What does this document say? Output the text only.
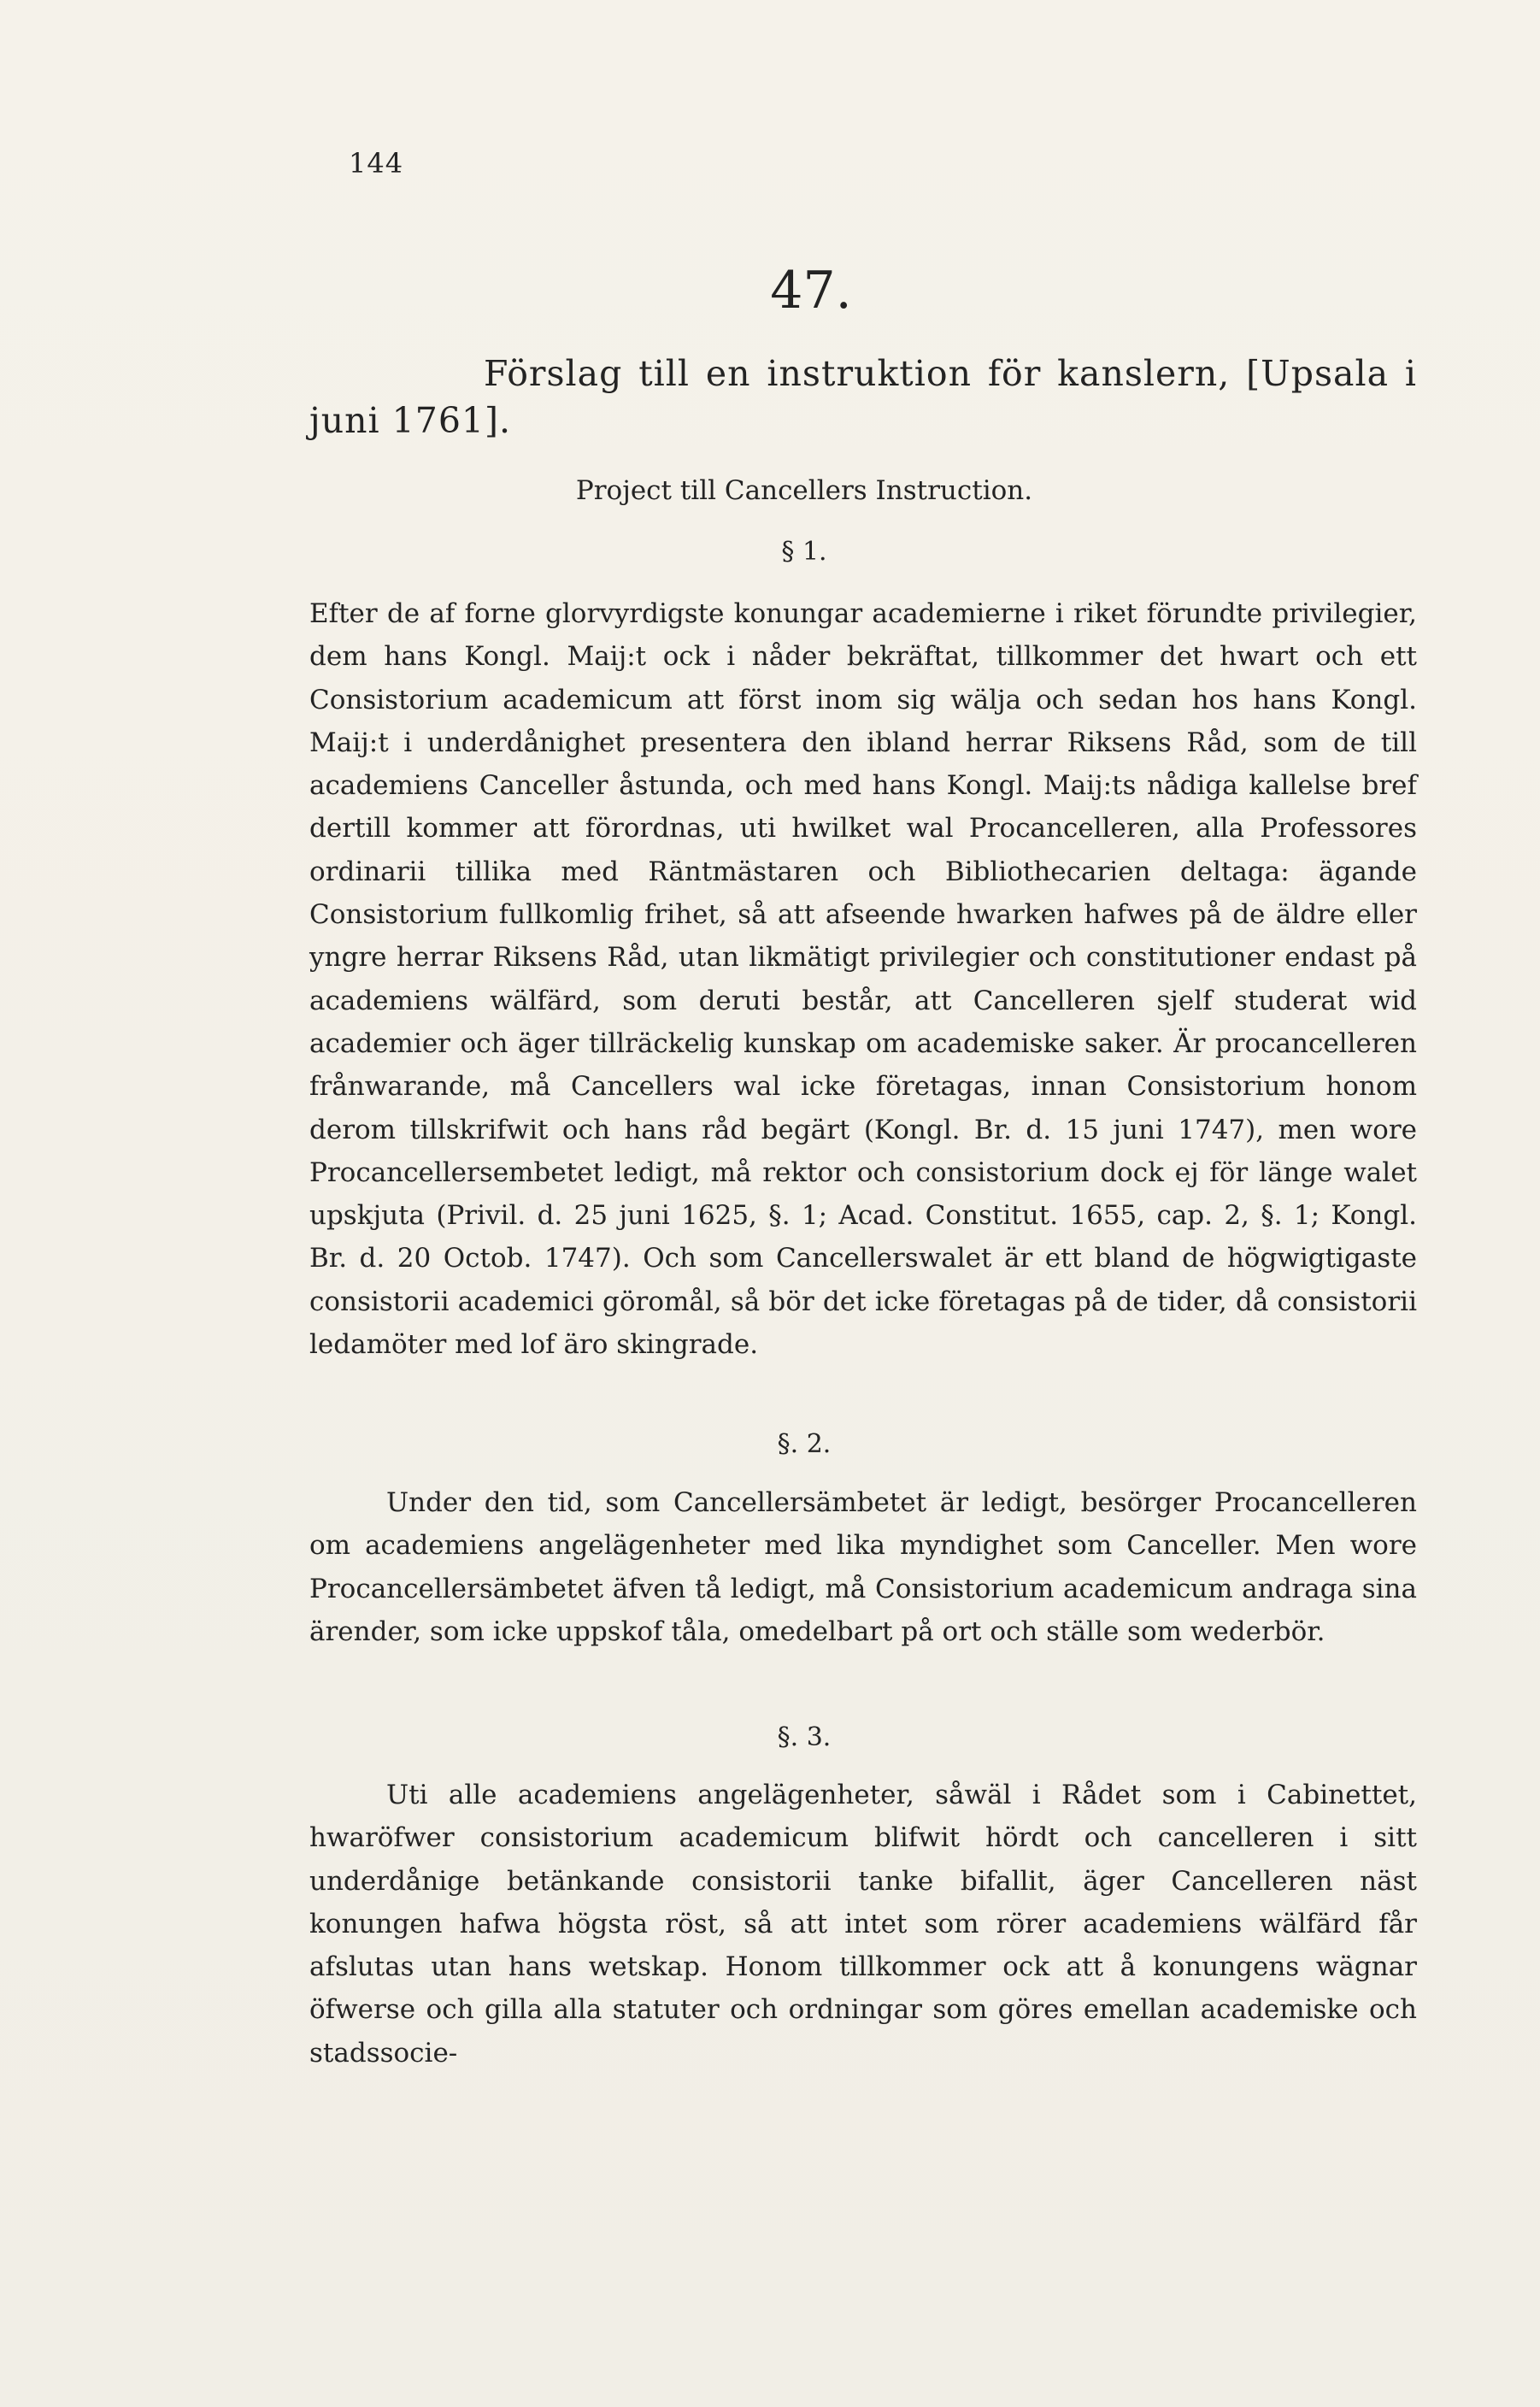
144
47.
Förslag till en instruktion för kanslern, [Upsala i juni 1761].
Project till Cancellers Instruction.
§ 1.
Efter de af forne glorvyrdigste konungar academierne i riket förundte privilegier, dem hans Kongl. Maij:t ock i nåder bekräftat, tillkommer det hwart och ett Consistorium academicum att först inom sig wälja och sedan hos hans Kongl. Maij:t i underdånighet presentera den ibland herrar Riksens Råd, som de till academiens Canceller åstunda, och med hans Kongl. Maij:ts nådiga kallelse bref dertill kommer att förordnas, uti hwilket wal Procancelleren, alla Professores ordinarii tillika med Räntmästaren och Bibliothecarien deltaga: ägande Consistorium fullkomlig frihet, så att afseende hwarken hafwes på de äldre eller yngre herrar Riksens Råd, utan likmätigt privilegier och constitutioner endast på academiens wälfärd, som deruti består, att Cancelleren sjelf studerat wid academier och äger tillräckelig kunskap om academiske saker. Är procancelleren frånwarande, må Cancellers wal icke företagas, innan Consistorium honom derom tillskrifwit och hans råd begärt (Kongl. Br. d. 15 juni 1747), men wore Procancellersembetet ledigt, må rektor och consistorium dock ej för länge walet upskjuta (Privil. d. 25 juni 1625, §. 1; Acad. Constitut. 1655, cap. 2, §. 1; Kongl. Br. d. 20 Octob. 1747). Och som Cancellerswalet är ett bland de högwigtigaste consistorii academici göromål, så bör det icke företagas på de tider, då consistorii ledamöter med lof äro skingrade.
§. 2.
Under den tid, som Cancellersämbetet är ledigt, besörger Procancelleren om academiens angelägenheter med lika myndighet som Canceller. Men wore Procancellersämbetet äfven tå ledigt, må Consistorium academicum andraga sina ärender, som icke uppskof tåla, omedelbart på ort och ställe som wederbör.
§. 3.
Uti alle academiens angelägenheter, såwäl i Rådet som i Cabinettet, hwaröfwer consistorium academicum blifwit hördt och cancelleren i sitt underdånige betänkande consistorii tanke bifallit, äger Cancelleren näst konungen hafwa högsta röst, så att intet som rörer academiens wälfärd får afslutas utan hans wetskap. Honom tillkommer ock att å konungens wägnar öfwerse och gilla alla statuter och ordningar som göres emellan academiske och stadssocie-
